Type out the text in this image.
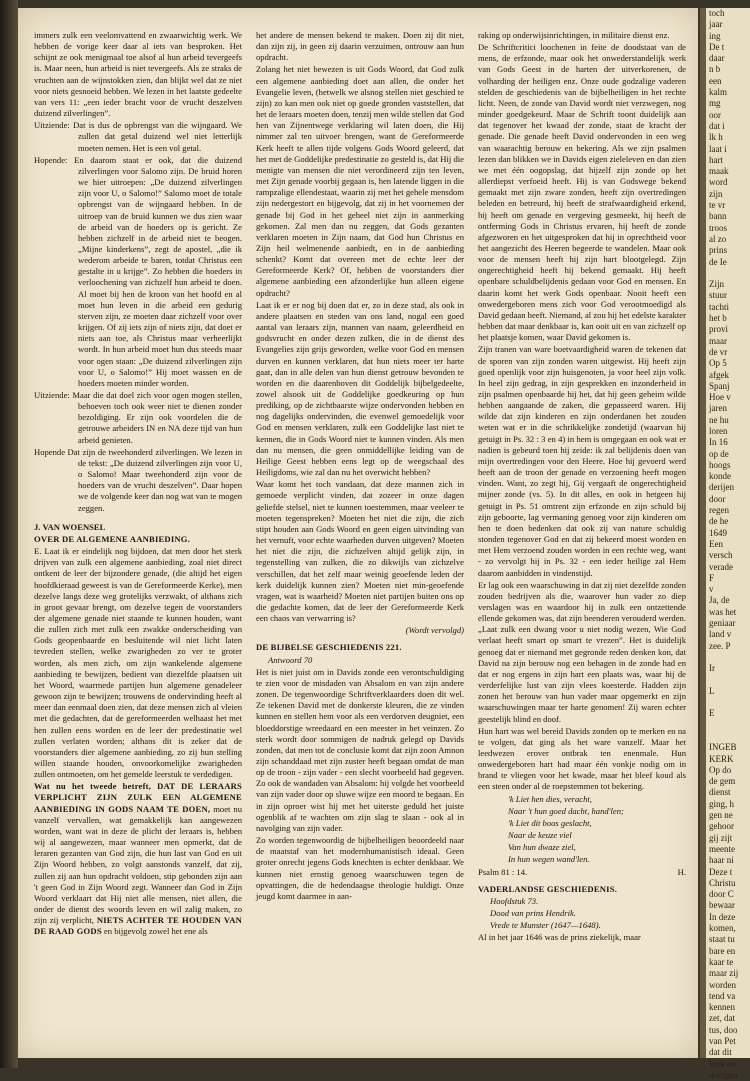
immers zulk een veelomvattend en zwaarwichtig werk. We hebben de vorige keer daar al iets van besproken. Het schijnt ze ook menigmaal toe alsof al hun arbeid tevergeefs is. Maar neen, hun arbeid is niet tevergeefs. Als ze straks de vruchten aan de wijnstokken zien, dan blijkt wel dat ze niet voor niets gesnoeid hebben. We lezen in het laatste gedeelte van vers 11: „een ieder bracht voor de vrucht deszelven duizend zilverlingen”.

Uitziende: Dat is dus de opbrengst van die wijngaard. We zullen dat getal duizend wel niet letterlijk moeten nemen. Het is een vol getal.

Hopende: En daarom staat er ook, dat die duizend zilverlingen voor Salomo zijn. De bruid horen we hier uitroepen: „De duizend zilverlingen zijn voor U, o Salomo!” Salomo moet de totale opbrengst van de wijngaard hebben. In de uitroep van de bruid kunnen we dus zien waar de arbeid van de hoeders op is gericht. Ze hebben zichzelf in de arbeid niet te beogen. „Mijne kinderkens”, zegt de apostel, „die ik wederom arbeide te baren, totdat Christus een gestalte in u krijge”. Zo hebben die hoeders in verloochening van zichzelf hun arbeid te doen. Al moet bij hen de kroon van het hoofd en al moet hun leven in die arbeid een gedurig sterven zijn, ze moeten daar zichzelf voor over krijgen. Of zij iets zijn of niets zijn, dat doet er niets aan toe, als Christus maar verheerlijkt wordt. In hun arbeid moet hun dus steeds maar voor ogen staan: „De duizend zilverlingen zijn voor U, o Salomo!” Hij moet wassen en de hoeders moeten minder worden.

Uitziende: Maar die dat doel zich voor ogen mogen stellen, behoeven toch ook weer niet te dienen zonder bezoldiging. Er zijn ook voordelen die de getrouwe arbeiders IN en NA deze tijd van hun arbeid genieten.

Hopende Dat zijn de tweehonderd zilverlingen. We lezen in de tekst: „De duizend zilverlingen zijn voor U, o Salomo! Maar tweehonderd zijn voor de hoeders van de vrucht deszelven”. Daar hopen we de volgende keer dan nog wat van te mogen zeggen.

J. VAN WOENSEL

OVER DE ALGEMENE AANBIEDING.

E. Laat ik er eindelijk nog bijdoen, dat men door het sterk drijven van zulk een algemene aanbieding, zoal niet direct ontkent de leer der bijzondere genade, (die altijd het eigen hoofdkieraad geweest is van de Gereformeerde Kerke), men dezelve langs deze weg grotelijks verzwakt, of althans zich in groot gevaar brengt, om dezelve tegen de voorstanders der algemene genade niet staande te kunnen houden, want die zullen zich met zulk een zwakke onderscheiding van Gods geopenbaarde en besluitende wil niet licht laten tevreden stellen, welke zwarigheden zo ver te groter worden, als men zich, om zijn wankelende algemene aanbieding te bewijzen, bedient van diezelfde plaatsen uit het Woord, waarmede partijen hun algemene genadeleer gewoon zijn te bewijzen; trouwens de ondervinding heeft al meer dan eenmaal doen zien, dat deze mensen zich al vleien met die gedachten, dat de gereformeerden welhaast het met hen zullen eens worden en de leer der predestinatie wel zullen verlaten worden; althans dit is zeker dat de voorstanders dier algemene aanbieding, zo zij hun stelling willen staande houden, onvoorkomelijke zwarigheden zullen ontmoeten, om het gemelde leerstuk te verdedigen.

Wat nu het tweede betreft, DAT DE LERAARS VERPLICHT ZIJN ZULK EEN ALGEMENE AANBIEDING IN GODS NAAM TE DOEN, moet nu vanzelf vervallen, wat gemakkelijk kan aangewezen worden, want wat in deze de plicht der leraars is, hebben wij al aangewezen, maar wanneer men opmerkt, dat de leraren gezanten van God zijn, die hun last van God en uit Zijn Woord hebben, zo volgt aanstonds vanzelf, dat zij, zullen zij aan hun opdracht voldoen, stip gebonden zijn aan 't geen God in Zijn Woord zegt. Wanneer dan God in Zijn Woord verklaart dat Hij niet alle mensen, niet allen, die onder de dienst des woords leven en wil zalig maken, zo zijn zij verplicht, NIETS ACHTER TE HOUDEN VAN DE RAAD GODS en bijgevolg zowel het ene als

het andere de mensen bekend te maken. Doen zij dit niet, dan zijn zij, in geen zij daarin verzuimen, ontrouw aan hun opdracht.

Zolang het niet bewezen is uit Gods Woord, dat God zulk een algemene aanbieding doet aan allen, die onder het Evangelie leven, (hetwelk we alsnog stellen niet geschied te zijn) zo kan men ook niet op goede gronden vaststellen, dat het de leraars moeten doen, tenzij men wilde stellen dat God hen van Zijnentwege verklaring wil laten doen, die Hij nimmer zal ten uitvoer brengen, want de Gereformeerde Kerk heeft te allen tijde volgens Gods Woord geleerd, dat het met de Goddelijke predestinatie zo gesteld is, dat Hij die menigte van mensen die niet verordineerd zijn ten leven, met Zijn genade voorbij gegaan is, hen latende liggen in die rampzalige ellendestaat, waarin zij met het gehele mensdom zijn nedergestort en bijgevolg, dat zij in het voornemen der genade bij God in het geheel niet zijn in aanmerking gekomen. Zal men dan nu zeggen, dat Gods gezanten verklaren moeten in Zijn naam, dat God hun Christus en Zijn heil welmenende aanbiedt, en in de aanbieding schenkt? Komt dat overeen met de echte leer der Gereformeerde Kerk? Of, hebben de voorstanders dier algemene aanbieding een afzonderlijke hun alleen eigene opdracht?

Laat ik er er nog bij doen dat er, zo in deze stad, als ook in andere plaatsen en steden van ons land, nogal een goed aantal van leraars zijn, mannen van naam, geleerdheid en godsvrucht en onder dezen zulken, die in de dienst des Evangelies zijn grijs geworden, welke voor God en mensen durven en kunnen verklaren, dat hun niets meer ter harte gaat, dan in alle delen van hun dienst getrouw bevonden te worden en die daarenboven dit Goddelijk bijbelgedeelte, zowel alsook uit de Goddelijke goedkeuring op hun prediking, op de zichtbaarste wijze ondervonden hebben en nog dagelijks ondervinden, die evenwel gemoedelijk voor God en mensen verklaren, zulk een Goddelijke last niet te kennen, die in Gods Woord niet te kunnen vinden. Als men dan nu mensen, die geen onmiddellijke leiding van de Heilige Geest hebben eens legt op de weegschaal des Heiligdoms, wie zal dan nu het overwicht hebben?

Waar komt het toch vandaan, dat deze mannen zich in gemoede verplicht vinden, dat zozeer in onze dagen geliefde stelsel, niet te kunnen toestemmen, maar veeleer te moeten tegenspreken? Moeten het niet die zijn, die zich stipt houden aan Gods Woord en geen eigen uitvinding van het vernuft, voor echte waarheden durven uitgeven? Moeten het niet die zijn, die zichzelven altijd gelijk zijn, in tegenstelling van zulken, die zo dikwijls van zichzelve verschillen, dat het zelf maar weinig geoefende leden der kerk duidelijk kunnen zien? Moeten niet min-geoefende vragen, wat is waarheid? Moeten niet partijen buiten ons op die gedachte komen, dat de leer der Gereformeerde Kerk een chaos van verwarring is?

(Wordt vervolgd)

DE BIJBELSE GESCHIEDENIS 221.

Antwoord 70

Het is niet juist om in Davids zonde een verontschuldiging te zien voor de misdaden van Absalom en van zijn andere zonen. De tegenwoordige Schriftverklaarders doen dit wel. Ze tekenen David met de donkerste kleuren, die ze vinden kunnen en stellen hem voor als een verdorven deugniet, een bloeddorstige wreedaard en een meester in het veinzen. Zo sterk wordt door sommigen de nadruk gelegd op Davids zonden, dat men tot de conclusie komt dat zijn zoon Amnon zijn schanddaad met zijn zuster heeft begaan omdat de man op de troon - zijn vader - een slecht voorbeeld had gegeven. Zo ook de wandaden van Absalom: hij volgde het voorbeeld van zijn vader door op sluwe wijze een moord te begaan. En in zijn oproer wist hij met het uiterste geduld het juiste ogenblik af te wachten om zijn slag te slaan - ook al in navolging van zijn vader.

Zo worden tegenwoordig de bijbelheiligen beoordeeld naar de maatstaf van het modernhumanistisch ideaal. Geen groter onrecht jegens Gods knechten is echter denkbaar. We kunnen niet ernstig genoeg waarschuwen tegen de opvattingen, die de hedendaagse theologie huldigt. Onze jeugd komt daarmee in aan-

raking op onderwijsinrichtingen, in militaire dienst enz.

De Schriftcritici loochenen in feite de doodstaat van de mens, de erfzonde, maar ook het onwederstandelijk werk van Gods Geest in de harten der uitverkorenen, de volharding der heiligen enz. Onze oude godzalige vaderen stelden de geschiedenis van de bijbelheiligen in het rechte licht. Neen, de zonde van David wordt niet verzwegen, nog minder goedgekeurd. Maar de Schrift toont duidelijk aan dat tegenover het kwaad der zonde, staat de kracht der genade. Die genade heeft David ondervonden in een weg van waarachtig berouw en bekering. Als we zijn psalmen lezen dan blikken we in Davids eigen zieleleven en dan zien we met één oogopslag, dat hijzelf zijn zonde op het allerdiepst verfoeid heeft. Hij is van Godswege bekend gemaakt met zijn zware zonden, heeft zijn overtredingen beleden en betreurd, hij heeft de strafwaardigheid erkend, hij heeft om genade en vergeving gesmeekt, hij heeft de ontferming Gods in Christus ervaren, hij heeft de zonde afgezworen en het uitgesproken dat hij in oprechtheid voor het aangezicht des Heeren begeerde te wandelen. Maar ook voor de mensen heeft hij zijn hart blootgelegd. Zijn ongerechtigheid heeft hij bekend gemaakt. Hij heeft openbare schuldbelijdenis gedaan voor God en mensen. En daarin komt het werk Gods openbaar. Nooit heeft een onwedergeboren mens zich voor God verootmoedigd als David gedaan heeft. Niemand, al zou hij het edelste karakter hebben dat maar denkbaar is, kan ooit uit en van zichzelf op het plaatsje komen, waar David gekomen is.

Zijn tranen van ware boetvaardigheid waren de tekenen dat de sporen van zijn zonden waren uitgewist. Hij heeft zijn goed openlijk voor zijn huisgenoten, ja voor heel zijn volk. In heel zijn gedrag, in zijn gesprekken en inzonderheid in zijn psalmen openbaarde hij het, dat hij geen geheim wilde hebben aangaande de zaken, die gepasseerd waren. Hij wilde dat zijn kinderen en zijn onderdanen het zouden weten wat er in die schrikkelijke zondetijd (waarvan hij getuigt in Ps. 32 : 3 en 4) in hem is omgegaan en ook wat er nadien is gebeurd toen hij zeide: ik zal belijdenis doen van mijn overtredingen voor den Heere. Hoe hij gevoerd werd heeft aan de troon der genade en verzoening heeft mogen vinden. Want, zo zegt hij, Gij vergaaft de ongerechtigheid mijner zonde (vs. 5). In dit alles, en ook in hetgeen hij getuigt in Ps. 51 omtrent zijn erfzonde en zijn schuld bij zijn geboorte, lag vermaning genoeg voor zijn kinderen om hen te doen bedenken dat ook zij van nature schuldig stonden tegenover God en dat zij bekeerd moest worden en met Hem verzoend zouden worden in een rechte weg, want - zo vervolgt hij in Ps. 32 - een ieder heilige zal Hem daarom aanbidden in vindenstijd.

Er lag ook een waarschuwing in dat zij niet dezelfde zonden zouden bedrijven als die, waarover hun vader zo diep verslagen was en waardoor hij in zulk een ontzettende ellende gekomen was, dat zijn beenderen verouderd werden. „Laat zulk een dwang voor u niet nodig wezen, Wie God verlaat heeft smart op smart te vrezen”. Het is duidelijk genoeg dat er niemand met gegronde reden denken kon, dat David na zijn berouw nog een behagen in de zonde had en dat er nog ergens in zijn hart een plaats was, waar hij de verderfelijke lust van zijn vlees koesterde. Hadden zijn zonen het berouw van hun vader maar opgemerkt en zijn waarschuwingen maar ter harte genomen! Zij waren echter geestelijk blind en doof.

Hun hart was wel bereid Davids zonden op te merken en na te volgen, dat ging als het ware vanzelf. Maar het leedwezen erover ontbrak ten enenmale. Hun onwedergeboren hart had maar één vonkje nodig om in brand te vliegen voor het kwade, maar het bleef koud als een steen onder al de roepstemmen tot bekering.

'k Liet hen dies, veracht,

Naar 't hun goed dacht, hand'len;

'k Liet dit boos geslacht,

Naar de keuze viel

Van hun dwaze ziel,

In hun wegen wand'len.

Psalm 81 : 14.	H.

VADERLANDSE GESCHIEDENIS.

Hoofdstuk 73.

Dood van prins Hendrik.

Vrede te Munster (1647—1648).

Al in het jaar 1646 was de prins ziekelijk, maar

toch
jaar
ing
De t
daar
n b
een
kalm
mg
oor
dat i
lk h
laat i
hart
maak
word
zijn
te vr
bann
troos
al zo
prins
de Ie

Zijn
stuur
tachti
het b
provi
maar
de vr
Op 5
afgek
Spanj
Hoe v
jaren
ne hu
loren
In 16
op de
hoogs
konde
derijen
door
regen
de he
1649
Een
versch
verade
F
v
Ja, de
was het
geniaar
land v
zee. P

Ir

L

E

INGEB
KERK
Op do
de gem
dienst
ging, h
gen ne
gehoor
gij zijt
meente
haar ni
Deze t
Christu
door C
bewaar
In deze
komen,
staat tu
bare en
kaar te
maar zij
worden
tend va
kennen
zet, dat
tus, doo
van Pet
dat dit
kerk en
doorgaa
